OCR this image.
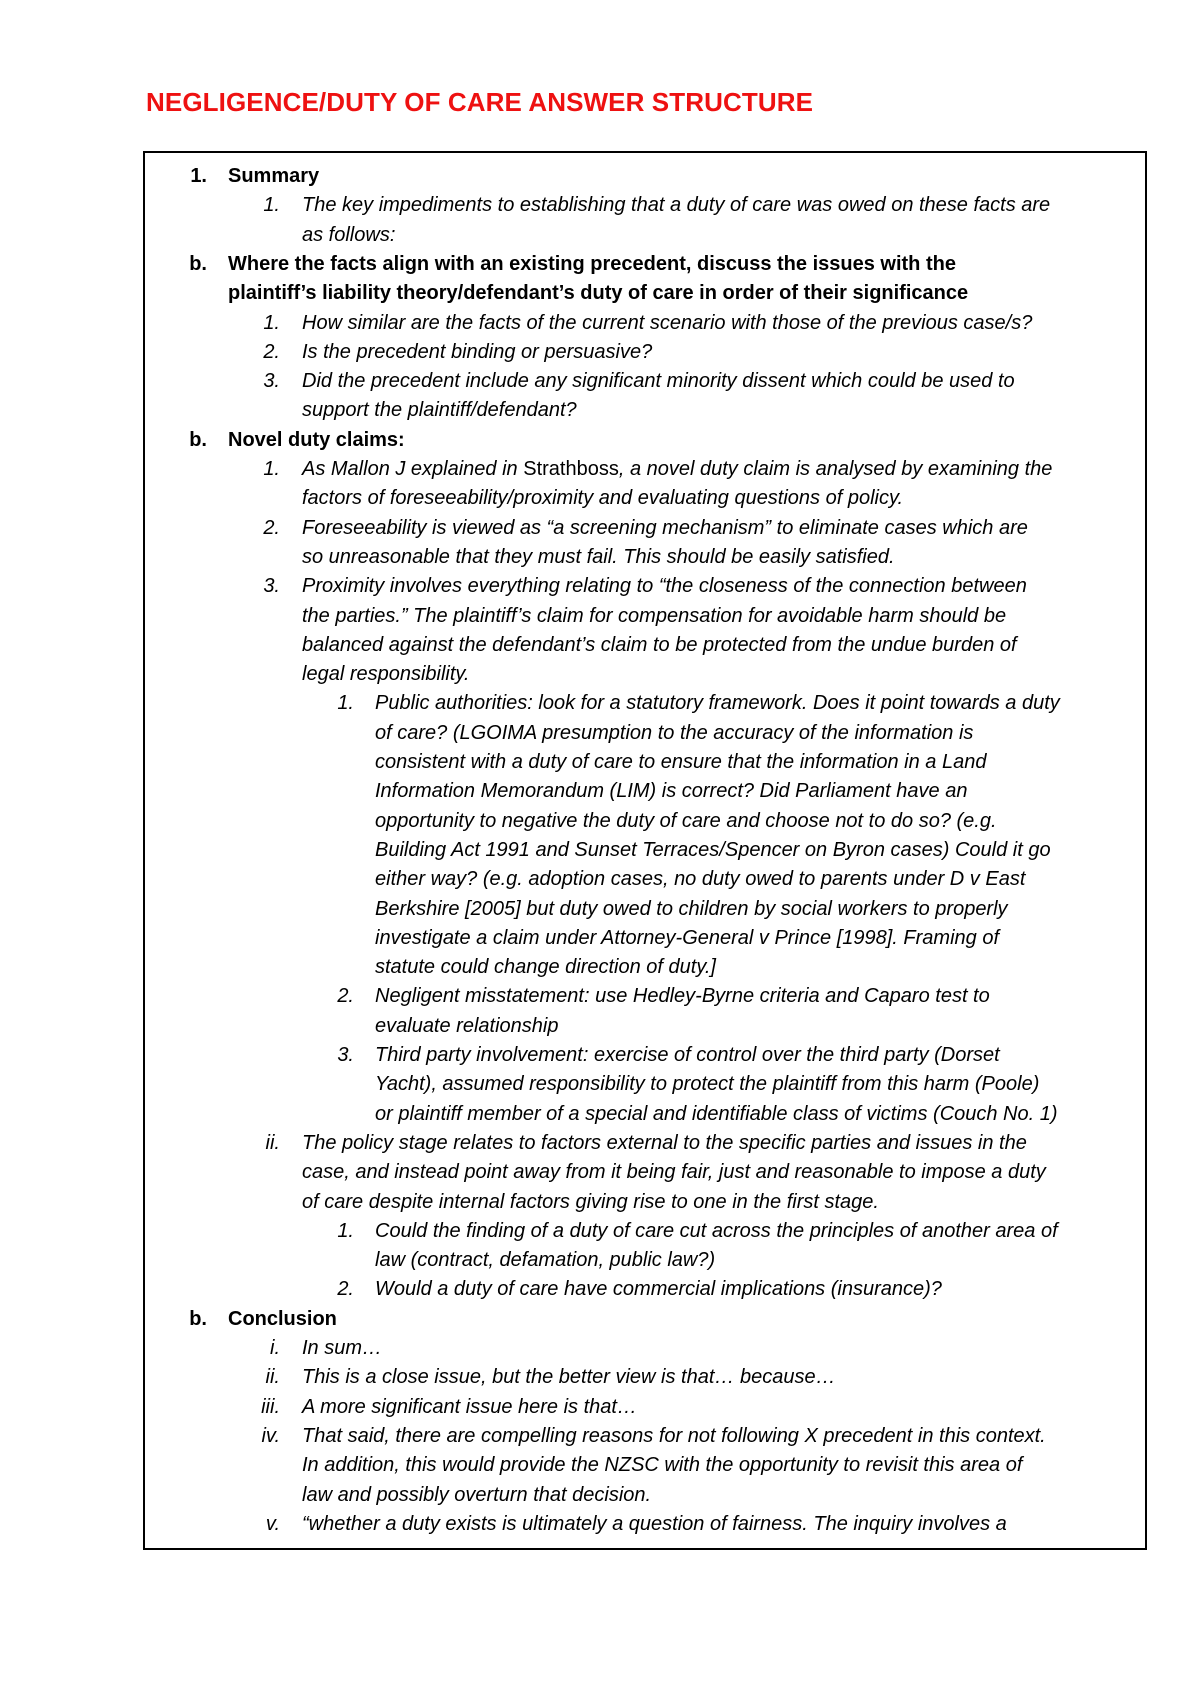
NEGLIGENCE/DUTY OF CARE ANSWER STRUCTURE
1. Summary

1. The key impediments to establishing that a duty of care was owed on these facts are

as follows:

b. Where the facts align with an existing precedent, discuss the issues with the

plaintiff’s liability theory/defendant’s duty of care in order of their significance

1. How similar are the facts of the current scenario with those of the previous case/s?

2. Is the precedent binding or persuasive?

3. Did the precedent include any significant minority dissent which could be used to

support the plaintiff/defendant?

b. Novel duty claims:

1. As Mallon J explained in Strathboss, a novel duty claim is analysed by examining the

factors of foreseeability/proximity and evaluating questions of policy.

2. Foreseeability is viewed as “a screening mechanism” to eliminate cases which are

so unreasonable that they must fail. This should be easily satisfied.

3. Proximity involves everything relating to “the closeness of the connection between

the parties.” The plaintiff’s claim for compensation for avoidable harm should be

balanced against the defendant’s claim to be protected from the undue burden of

legal responsibility.

1. Public authorities: look for a statutory framework. Does it point towards a duty

of care? (LGOIMA presumption to the accuracy of the information is

consistent with a duty of care to ensure that the information in a Land

Information Memorandum (LIM) is correct? Did Parliament have an

opportunity to negative the duty of care and choose not to do so? (e.g.

Building Act 1991 and Sunset Terraces/Spencer on Byron cases) Could it go

either way? (e.g. adoption cases, no duty owed to parents under D v East

Berkshire [2005] but duty owed to children by social workers to properly

investigate a claim under Attorney-General v Prince [1998]. Framing of

statute could change direction of duty.]

2. Negligent misstatement: use Hedley-Byrne criteria and Caparo test to

evaluate relationship

3. Third party involvement: exercise of control over the third party (Dorset

Yacht), assumed responsibility to protect the plaintiff from this harm (Poole)

or plaintiff member of a special and identifiable class of victims (Couch No. 1)

ii. The policy stage relates to factors external to the specific parties and issues in the

case, and instead point away from it being fair, just and reasonable to impose a duty

of care despite internal factors giving rise to one in the first stage.

1. Could the finding of a duty of care cut across the principles of another area of

law (contract, defamation, public law?)

2. Would a duty of care have commercial implications (insurance)?

b. Conclusion

i. In sum…

ii. This is a close issue, but the better view is that… because…

iii. A more significant issue here is that…

iv. That said, there are compelling reasons for not following X precedent in this context.

In addition, this would provide the NZSC with the opportunity to revisit this area of

law and possibly overturn that decision.

v. “whether a duty exists is ultimately a question of fairness. The inquiry involves a
